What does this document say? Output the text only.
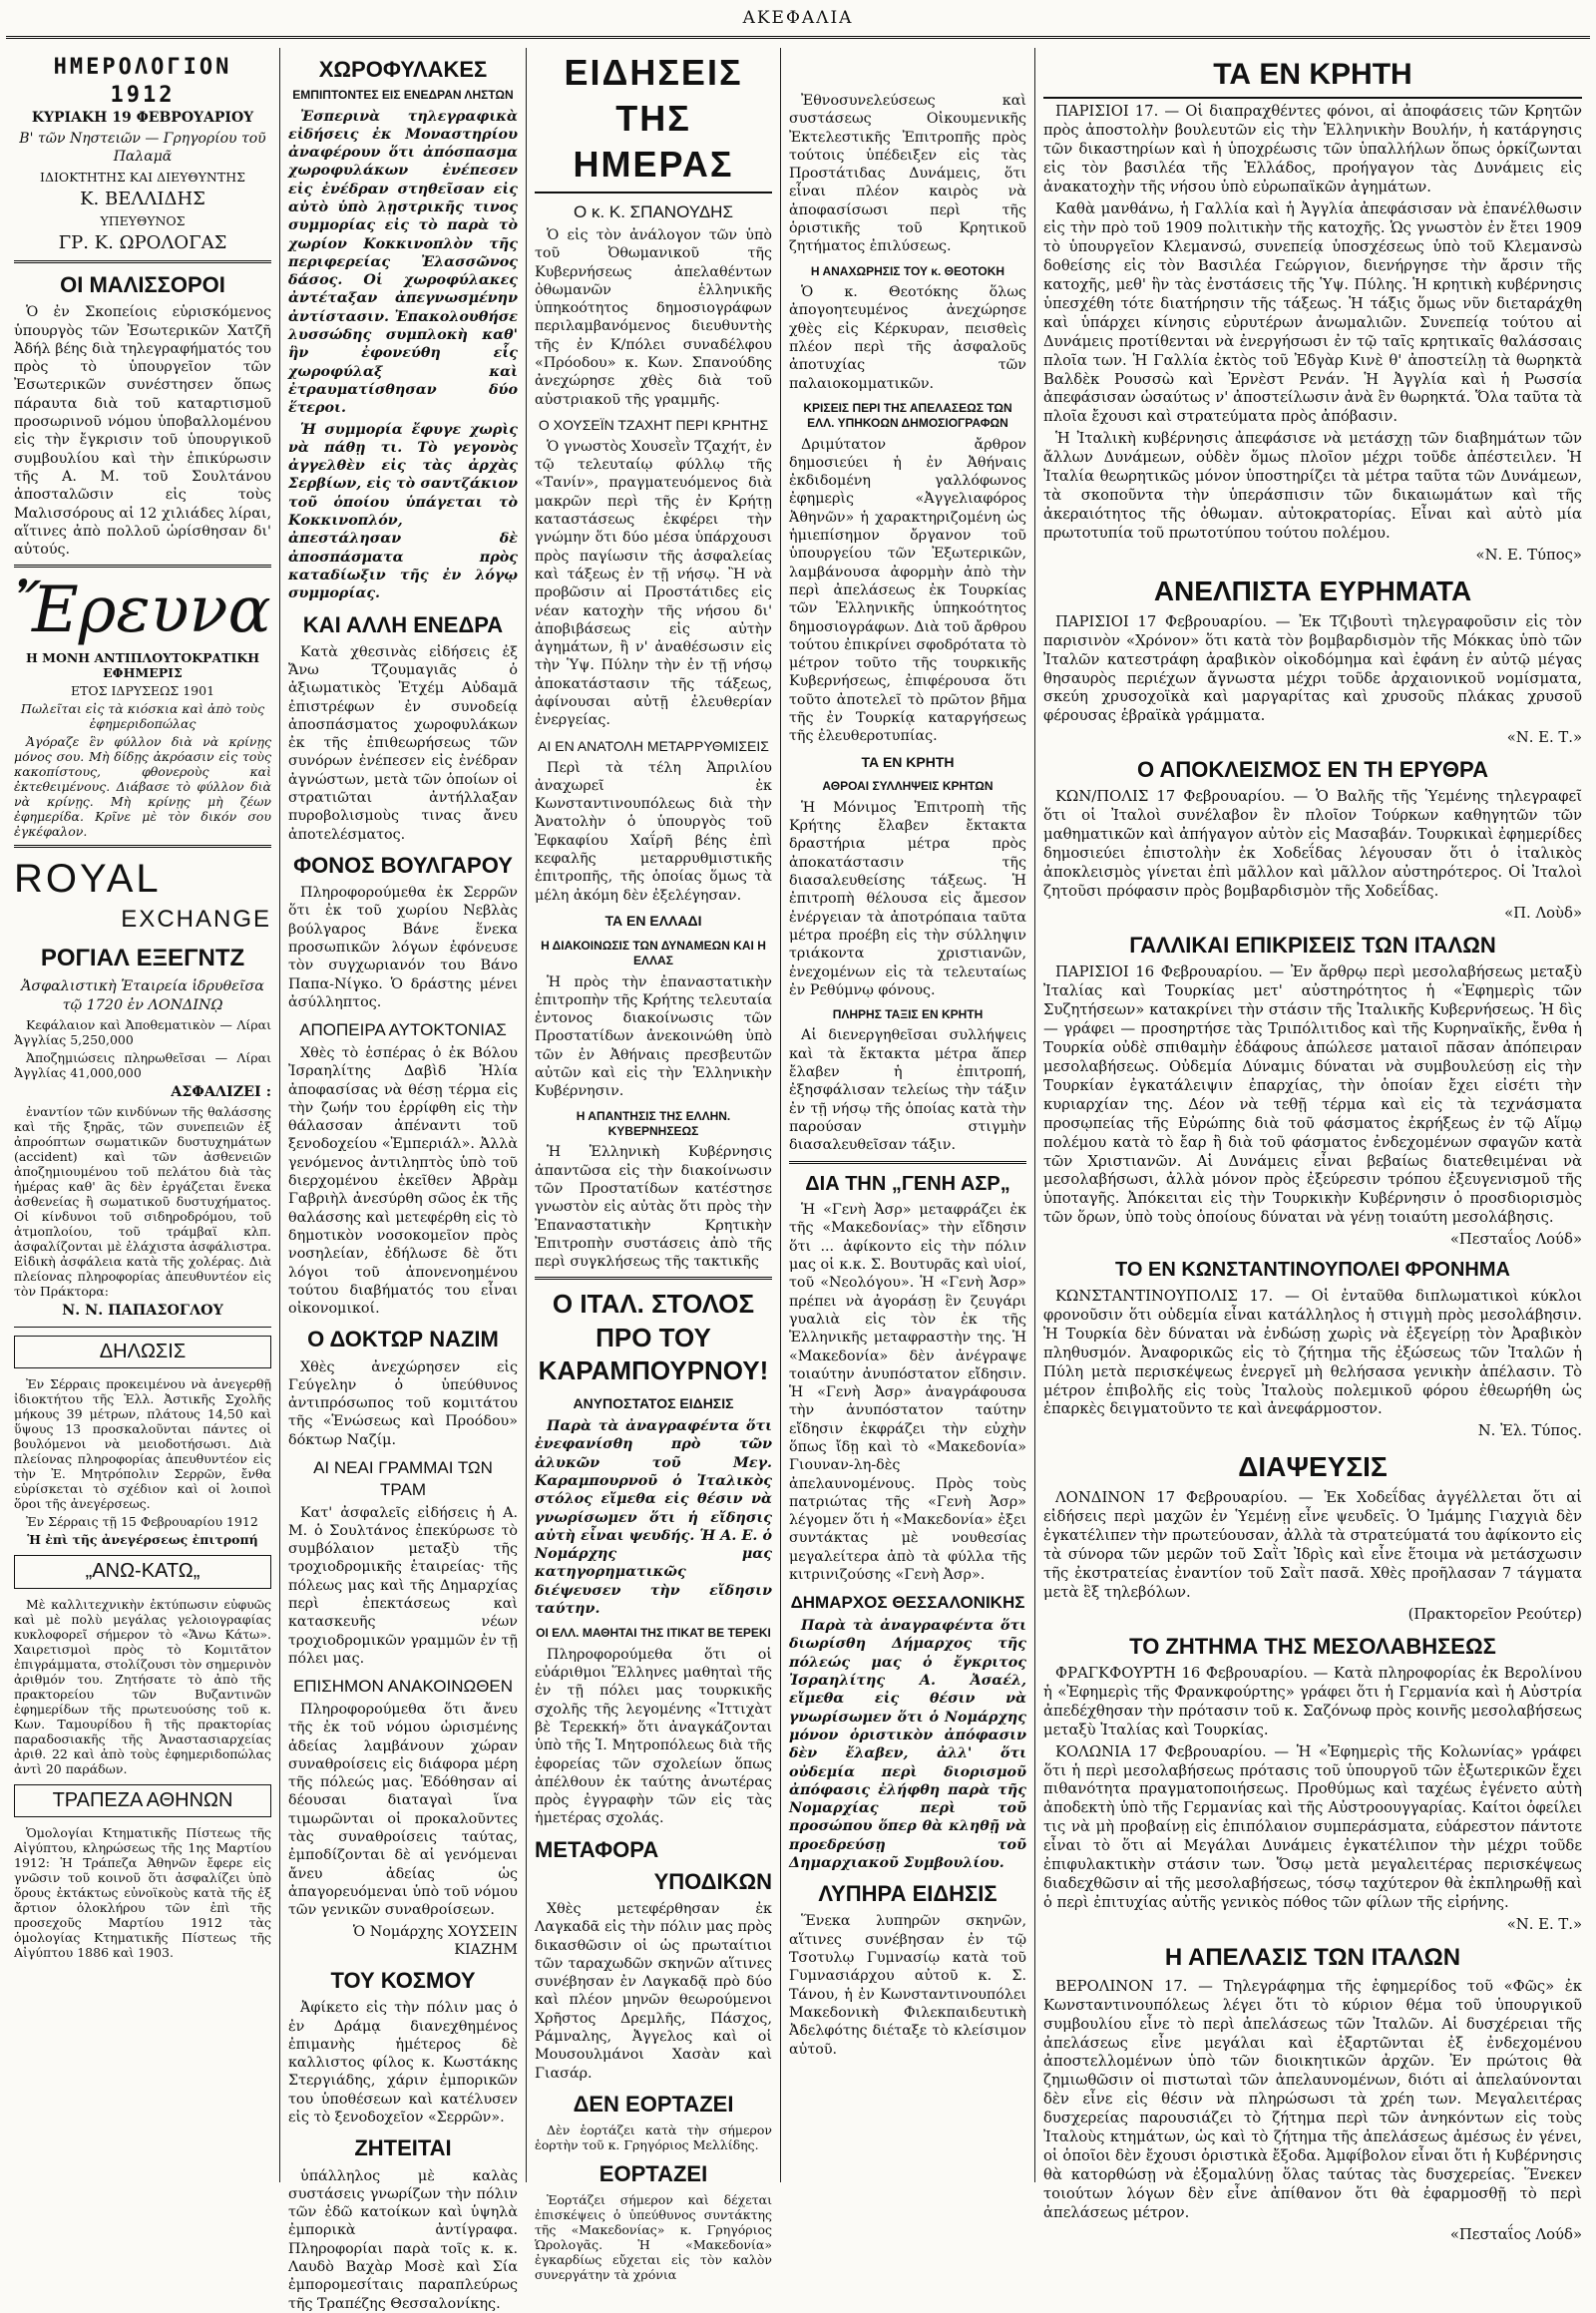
ΑΚΕΦΑΛΙΑ
ΗΜΕΡΟΛΟΓΙΟΝ
1912

ΚΥΡΙΑΚΗ 19 ΦΕΒΡΟΥΑΡΙΟΥ

Β' τῶν Νηστειῶν — Γρηγορίου τοῦ Παλαμᾶ

ΙΔΙΟΚΤΗΤΗΣ ΚΑΙ ΔΙΕΥΘΥΝΤΗΣ

Κ. ΒΕΛΛΙΔΗΣ

ΥΠΕΥΘΥΝΟΣ

ΓΡ. Κ. ΩΡΟΛΟΓΑΣ

ΟΙ ΜΑΛΙΣΣΟΡΟΙ

Ὁ ἐν Σκοπείοις εὑρισκόμενος ὑπουργὸς τῶν Ἐσωτερικῶν Χατζῆ Ἀδήλ βέης διὰ τηλεγραφήματός του πρὸς τὸ ὑπουργεῖον τῶν Ἐσωτερικῶν συνέστησεν ὅπως πάραυτα διὰ τοῦ καταρτισμοῦ προσωρινοῦ νόμου ὑποβαλλομένου εἰς τὴν ἔγκρισιν τοῦ ὑπουργικοῦ συμβουλίου καὶ τὴν ἐπικύρωσιν τῆς Α. Μ. τοῦ Σουλτάνου ἀποσταλῶσιν εἰς τοὺς Μαλισσόρους αἱ 12 χιλιάδες λίραι, αἵτινες ἀπὸ πολλοῦ ὡρίσθησαν δι' αὐτούς.

Ἔρευνα

Η ΜΟΝΗ ΑΝΤΙΠΛΟΥΤΟΚΡΑΤΙΚΗ ΕΦΗΜΕΡΙΣ

ΕΤΟΣ ΙΔΡΥΣΕΩΣ 1901

Πωλεῖται εἰς τὰ κιόσκια καὶ ἀπὸ τοὺς ἐφημεριδοπώλας

Ἀγόραζε ἓν φύλλον διὰ νὰ κρίνῃς μόνος σου. Μὴ δίδῃς ἀκρόασιν εἰς τοὺς κακοπίστους, φθονεροὺς καὶ ἐκτεθειμένους. Διάβασε τὸ φύλλον διὰ νὰ κρίνῃς. Μὴ κρίνῃς μὴ ζέων ἐφημερίδα. Κρῖνε μὲ τὸν δικόν σου ἐγκέφαλον.

ROYAL
EXCHANGE
ΡΟΓΙΑΛ ΕΞΕΓΝΤΖ

Ἀσφαλιστικὴ Ἑταιρεία ἱδρυθεῖσα τῷ 1720 ἐν ΛΟΝΔΙΝῼ

Κεφάλαιον καὶ Ἀποθεματικὸν — Λίραι Ἀγγλίας 5,250,000

Ἀποζημιώσεις πληρωθεῖσαι — Λίραι Ἀγγλίας 41,000,000

ΑΣΦΑΛΙΖΕΙ :

ἐναντίον τῶν κινδύνων τῆς θαλάσσης καὶ τῆς ξηρᾶς, τῶν συνεπειῶν ἐξ ἀπροόπτων σωματικῶν δυστυχημάτων (accident) καὶ τῶν ἀσθενειῶν ἀποζημιουμένου τοῦ πελάτου διὰ τὰς ἡμέρας καθ' ἃς δὲν ἐργάζεται ἕνεκα ἀσθενείας ἢ σωματικοῦ δυστυχήματος. Οἱ κίνδυνοι τοῦ σιδηροδρόμου, τοῦ ἀτμοπλοίου, τοῦ τράμβαϊ κλπ. ἀσφαλίζονται μὲ ἐλάχιστα ἀσφάλιστρα. Εἰδικὴ ἀσφάλεια κατὰ τῆς χολέρας. Διὰ πλείονας πληροφορίας ἀπευθυντέον εἰς τὸν Πράκτορα:

Ν. Ν. ΠΑΠΑΣΟΓΛΟΥ

ΔΗΛΩΣΙΣ

Ἐν Σέρραις προκειμένου νὰ ἀνεγερθῇ ἰδιοκτήτου τῆς Ἑλλ. Ἀστικῆς Σχολῆς μήκους 39 μέτρων, πλάτους 14,50 καὶ ὕψους 13 προσκαλοῦνται πάντες οἱ βουλόμενοι νὰ μειοδοτήσωσι. Διὰ πλείονας πληροφορίας ἀπευθυντέον εἰς τὴν Ἐ. Μητρόπολιν Σερρῶν, ἔνθα εὑρίσκεται τὸ σχέδιον καὶ οἱ λοιποὶ ὅροι τῆς ἀνεγέρσεως.

Ἐν Σέρραις τῇ 15 Φεβρουαρίου 1912

Ἡ ἐπὶ τῆς ἀνεγέρσεως ἐπιτροπή

„ΑΝΩ-ΚΑΤΩ„

Μὲ καλλιτεχνικὴν ἐκτύπωσιν εὐφυῶς καὶ μὲ πολὺ μεγάλας γελοιογραφίας κυκλοφορεῖ σήμερον τὸ «Ἄνω Κάτω». Χαιρετισμοὶ πρὸς τὸ Κομιτᾶτον ἐπιγράμματα, στολίζουσι τὸν σημερινὸν ἀριθμόν του. Ζητήσατε τὸ ἀπὸ τῆς πρακτορείου τῶν Βυζαντινῶν ἐφημερίδων τῆς πρωτευούσης τοῦ κ. Κων. Ταμουρίδου ἢ τῆς πρακτορίας παραδοσιακῆς τῆς Ἀναστασιαρχείας ἀριθ. 22 καὶ ἀπὸ τοὺς ἐφημεριδοπώλας ἀντὶ 20 παράδων.

ΤΡΑΠΕΖΑ ΑΘΗΝΩΝ

Ὁμολογίαι Κτηματικῆς Πίστεως τῆς Αἰγύπτου, κληρώσεως τῆς 1ης Μαρτίου 1912: Ἡ Τράπεζα Ἀθηνῶν ἔφερε εἰς γνῶσιν τοῦ κοινοῦ ὅτι ἀσφαλίζει ὑπὸ ὅρους ἐκτάκτως εὐνοϊκοὺς κατὰ τῆς ἐξ ἄρτιον ὁλοκλήρου τῶν ἐπὶ τῆς προσεχοῦς Μαρτίου 1912 τὰς ὁμολογίας Κτηματικῆς Πίστεως τῆς Αἰγύπτου 1886 καὶ 1903.

ΧΩΡΟΦΥΛΑΚΕΣ
ΕΜΠΙΠΤΟΝΤΕΣ ΕΙΣ ΕΝΕΔΡΑΝ ΛΗΣΤΩΝ

Ἐσπερινὰ τηλεγραφικὰ εἰδήσεις ἐκ Μοναστηρίου ἀναφέρουν ὅτι ἀπόσπασμα χωροφυλάκων ἐνέπεσεν εἰς ἐνέδραν στηθεῖσαν εἰς αὐτὸ ὑπὸ λῃστρικῆς τινος συμμορίας εἰς τὸ παρὰ τὸ χωρίον Κοκκινοπλὸν τῆς περιφερείας Ἐλασσῶνος δάσος. Οἱ χωροφύλακες ἀντέταξαν ἀπεγνωσμένην ἀντίστασιν. Ἐπακολουθήσε λυσσώδης συμπλοκὴ καθ' ἣν ἐφονεύθη εἷς χωροφύλαξ καὶ ἐτραυματίσθησαν δύο ἕτεροι.

Ἡ συμμορία ἔφυγε χωρὶς νὰ πάθῃ τι. Τὸ γεγονὸς ἀγγελθὲν εἰς τὰς ἀρχὰς Σερβίων, εἰς τὸ σαντζάκιον τοῦ ὁποίου ὑπάγεται τὸ Κοκκινοπλόν, ἀπεστάλησαν δὲ ἀποσπάσματα πρὸς καταδίωξιν τῆς ἐν λόγῳ συμμορίας.

ΚΑΙ ΑΛΛΗ ΕΝΕΔΡΑ

Κατὰ χθεσινὰς εἰδήσεις ἐξ Ἄνω Τζουμαγιᾶς ὁ ἀξιωματικὸς Ἐτχέμ Αὐδαμᾶ ἐπιστρέφων ἐν συνοδείᾳ ἀποσπάσματος χωροφυλάκων ἐκ τῆς ἐπιθεωρήσεως τῶν συνόρων ἐνέπεσεν εἰς ἐνέδραν ἀγνώστων, μετὰ τῶν ὁποίων οἱ στρατιῶται ἀντήλλαξαν πυροβολισμοὺς τινας ἄνευ ἀποτελέσματος.

ΦΟΝΟΣ ΒΟΥΛΓΑΡΟΥ

Πληροφορούμεθα ἐκ Σερρῶν ὅτι ἐκ τοῦ χωρίου Νεβλὰς βούλγαρος Βάνε ἕνεκα προσωπικῶν λόγων ἐφόνευσε τὸν συγχωριανόν του Βάνο Παπα-Νίγκο. Ὁ δράστης μένει ἀσύλληπτος.

ΑΠΟΠΕΙΡΑ ΑΥΤΟΚΤΟΝΙΑΣ

Χθὲς τὸ ἑσπέρας ὁ ἐκ Βόλου Ἰσραηλίτης Δαβὶδ Ἠλία ἀποφασίσας νὰ θέσῃ τέρμα εἰς τὴν ζωήν του ἐρρίφθη εἰς τὴν θάλασσαν ἀπέναντι τοῦ ξενοδοχείου «Ἐμπεριάλ». Ἀλλὰ γενόμενος ἀντιληπτὸς ὑπὸ τοῦ διερχομένου ἐκεῖθεν Ἀβρὰμ Γαβριὴλ ἀνεσύρθη σῶος ἐκ τῆς θαλάσσης καὶ μετεφέρθη εἰς τὸ δημοτικὸν νοσοκομεῖον πρὸς νοσηλείαν, ἐδήλωσε δὲ ὅτι λόγοι τοῦ ἀπονενοημένου τούτου διαβήματός του εἶναι οἰκονομικοί.

Ο ΔΟΚΤΩΡ ΝΑΖΙΜ

Χθὲς ἀνεχώρησεν εἰς Γεύγελην ὁ ὑπεύθυνος ἀντιπρόσωπος τοῦ κομιτάτου τῆς «Ἑνώσεως καὶ Προόδου» δόκτωρ Ναζίμ.

ΑΙ ΝΕΑΙ ΓΡΑΜΜΑΙ ΤΩΝ ΤΡΑΜ

Κατ' ἀσφαλεῖς εἰδήσεις ἡ Α. Μ. ὁ Σουλτάνος ἐπεκύρωσε τὸ συμβόλαιον μεταξὺ τῆς τροχιοδρομικῆς ἑταιρείας· τῆς πόλεως μας καὶ τῆς Δημαρχίας περὶ ἐπεκτάσεως καὶ κατασκευῆς νέων τροχιοδρομικῶν γραμμῶν ἐν τῇ πόλει μας.

ΕΠΙΣΗΜΟΝ ΑΝΑΚΟΙΝΩΘΕΝ

Πληροφορούμεθα ὅτι ἄνευ τῆς ἐκ τοῦ νόμου ὡρισμένης ἀδείας λαμβάνουν χώραν συναθροίσεις εἰς διάφορα μέρη τῆς πόλεώς μας. Ἐδόθησαν αἱ δέουσαι διαταγαὶ ἵνα τιμωρῶνται οἱ προκαλοῦντες τὰς συναθροίσεις ταύτας, ἐμποδίζονται δὲ αἱ γενόμεναι ἄνευ ἀδείας ὡς ἀπαγορευόμεναι ὑπὸ τοῦ νόμου τῶν γενικῶν συναθροίσεων.

Ὁ Νομάρχης ΧΟΥΣΕΙΝ ΚΙΑΖΗΜ

ΤΟΥ ΚΟΣΜΟΥ

Ἀφίκετο εἰς τὴν πόλιν μας ὁ ἐν Δράμᾳ διανεχθημένος ἐπιμανὴς ἡμέτερος δὲ καλλιστος φίλος κ. Κωστάκης Στεργιάδης, χάριν ἐμπορικῶν του ὑποθέσεων καὶ κατέλυσεν εἰς τὸ ξενοδοχεῖον «Σερρῶν».

ΖΗΤΕΙΤΑΙ

ὑπάλληλος μὲ καλὰς συστάσεις γνωρίζων τὴν πόλιν τῶν ἐδῶ κατοίκων καὶ ὑψηλὰ ἐμπορικὰ ἀντίγραφα. Πληροφορίαι παρὰ τοῖς κ. κ. Λαυδὸ Βαχὰρ Μοσὲ καὶ Σία ἐμπορομεσίταις παραπλεύρως τῆς Τραπέζης Θεσσαλονίκης.

ΕΙΔΗΣΕΙΣ ΤΗΣ ΗΜΕΡΑΣ
Ο κ. Κ. ΣΠΑΝΟΥΔΗΣ

Ὁ εἰς τὸν ἀνάλογον τῶν ὑπὸ τοῦ Ὀθωμανικοῦ τῆς Κυβερνήσεως ἀπελαθέντων ὀθωμανῶν ἑλληνικῆς ὑπηκοότητος δημοσιογράφων περιλαμβανόμενος διευθυντὴς τῆς ἐν Κ/πόλει συναδέλφου «Πρόοδου» κ. Κων. Σπανούδης ἀνεχώρησε χθὲς διὰ τοῦ αὐστριακοῦ τῆς γραμμῆς.

Ο ΧΟΥΣΕΪΝ ΤΖΑΧΗΤ ΠΕΡΙ ΚΡΗΤΗΣ

Ὁ γνωστὸς Χουσεῒν Τζαχήτ, ἐν τῷ τελευταίῳ φύλλῳ τῆς «Τανίν», πραγματευόμενος διὰ μακρῶν περὶ τῆς ἐν Κρήτῃ καταστάσεως ἐκφέρει τὴν γνώμην ὅτι δύο μέσα ὑπάρχουσι πρὸς παγίωσιν τῆς ἀσφαλείας καὶ τάξεως ἐν τῇ νήσῳ. Ἢ νὰ προβῶσιν αἱ Προστάτιδες εἰς νέαν κατοχὴν τῆς νήσου δι' ἀποβιβάσεως εἰς αὐτὴν ἀγημάτων, ἢ ν' ἀναθέσωσιν εἰς τὴν Ὑψ. Πύλην τὴν ἐν τῇ νήσῳ ἀποκατάστασιν τῆς τάξεως, ἀφίνουσαι αὐτῇ ἐλευθερίαν ἐνεργείας.

ΑΙ ΕΝ ΑΝΑΤΟΛΗ ΜΕΤΑΡΡΥΘΜΙΣΕΙΣ

Περὶ τὰ τέλη Ἀπριλίου ἀναχωρεῖ ἐκ Κωνσταντινουπόλεως διὰ τὴν Ἀνατολὴν ὁ ὑπουργὸς τοῦ Ἐφκαφίου Χαΐρῆ βέης ἐπὶ κεφαλῆς μεταρρυθμιστικῆς ἐπιτροπῆς, τῆς ὁποίας ὅμως τὰ μέλη ἀκόμη δὲν ἐξελέγησαν.

ΤΑ ΕΝ ΕΛΛΑΔΙ
Η ΔΙΑΚΟΙΝΩΣΙΣ ΤΩΝ ΔΥΝΑΜΕΩΝ ΚΑΙ Η ΕΛΛΑΣ

Ἡ πρὸς τὴν ἐπαναστατικὴν ἐπιτροπὴν τῆς Κρήτης τελευταία ἐντονος διακοίνωσις τῶν Προστατίδων ἀνεκοινώθη ὑπὸ τῶν ἐν Ἀθήναις πρεσβευτῶν αὐτῶν καὶ εἰς τὴν Ἑλληνικὴν Κυβέρνησιν.

Η ΑΠΑΝΤΗΣΙΣ ΤΗΣ ΕΛΛΗΝ. ΚΥΒΕΡΝΗΣΕΩΣ

Ἡ Ἑλληνικὴ Κυβέρνησις ἀπαντῶσα εἰς τὴν διακοίνωσιν τῶν Προστατίδων κατέστησε γνωστὸν εἰς αὐτὰς ὅτι πρὸς τὴν Ἐπαναστατικὴν Κρητικὴν Ἐπιτροπὴν συστάσεις ἀπὸ τῆς περὶ συγκλήσεως τῆς τακτικῆς

Ο ΙΤΑΛ. ΣΤΟΛΟΣ ΠΡΟ ΤΟΥ ΚΑΡΑΜΠΟΥΡΝΟΥ!
ΑΝΥΠΟΣΤΑΤΟΣ ΕΙΔΗΣΙΣ

Παρὰ τὰ ἀναγραφέντα ὅτι ἐνεφανίσθη πρὸ τῶν ἀλυκῶν τοῦ Μεγ. Καραμπουρνοῦ ὁ Ἰταλικὸς στόλος εἴμεθα εἰς θέσιν νὰ γνωρίσωμεν ὅτι ἡ εἴδησις αὐτὴ εἶναι ψευδής. Ἡ Α. Ε. ὁ Νομάρχης μας κατηγορηματικῶς διέψευσεν τὴν εἴδησιν ταύτην.

ΟΙ ΕΛΛ. ΜΑΘΗΤΑΙ ΤΗΣ ΙΤΙΚΑΤ ΒΕ ΤΕΡΕΚΙ

Πληροφορούμεθα ὅτι οἱ εὐάριθμοι Ἕλληνες μαθηταὶ τῆς ἐν τῇ πόλει μας τουρκικῆς σχολῆς τῆς λεγομένης «Ἰττιχὰτ βὲ Τερεκκή» ὅτι ἀναγκάζονται ὑπὸ τῆς Ἱ. Μητροπόλεως διὰ τῆς ἐφορείας τῶν σχολείων ὅπως ἀπέλθουν ἐκ ταύτης ἀνωτέρας πρὸς ἐγγραφὴν τῶν εἰς τὰς ἡμετέρας σχολάς.

ΜΕΤΑΦΟΡΑ
ΥΠΟΔΙΚΩΝ

Χθὲς μετεφέρθησαν ἐκ Λαγκαδᾶ εἰς τὴν πόλιν μας πρὸς δικασθῶσιν οἱ ὡς πρωταίτιοι τῶν ταραχωδῶν σκηνῶν αἵτινες συνέβησαν ἐν Λαγκαδᾷ πρὸ δύο καὶ πλέον μηνῶν θεωρούμενοι Χρῆστος Δρεμλῆς, Πάσχος, Ράμναλης, Ἀγγελος καὶ οἱ Μουσουλμάνοι Χασὰν καὶ Γιασάρ.

ΔΕΝ ΕΟΡΤΑΖΕΙ

Δὲν ἑορτάζει κατὰ τὴν σήμερον ἑορτὴν τοῦ κ. Γρηγόριος Μελλίδης.

ΕΟΡΤΑΖΕΙ

Ἑορτάζει σήμερον καὶ δέχεται ἐπισκέψεις ὁ ὑπεύθυνος συντάκτης τῆς «Μακεδονίας» κ. Γρηγόριος Ὡρολογᾶς. Ἡ «Μακεδονία» ἐγκαρδίως εὔχεται εἰς τὸν καλὸν συνεργάτην τὰ χρόνια

Ἐθνοσυνελεύσεως καὶ συστάσεως Οἰκουμενικῆς Ἐκτελεστικῆς Ἐπιτροπῆς πρὸς τούτοις ὑπέδειξεν εἰς τὰς Προστάτιδας Δυνάμεις, ὅτι εἶναι πλέον καιρὸς νὰ ἀποφασίσωσι περὶ τῆς ὁριστικῆς τοῦ Κρητικοῦ ζητήματος ἐπιλύσεως.

Η ΑΝΑΧΩΡΗΣΙΣ ΤΟΥ κ. ΘΕΟΤΟΚΗ

Ὁ κ. Θεοτόκης ὅλως ἀπογοητευμένος ἀνεχώρησε χθὲς εἰς Κέρκυραν, πεισθεὶς πλέον περὶ τῆς ἀσφαλοῦς ἀποτυχίας τῶν παλαιοκομματικῶν.

ΚΡΙΣΕΙΣ ΠΕΡΙ ΤΗΣ ΑΠΕΛΑΣΕΩΣ ΤΩΝ ΕΛΛ. ΥΠΗΚΟΩΝ ΔΗΜΟΣΙΟΓΡΑΦΩΝ

Δριμύτατον ἄρθρον δημοσιεύει ἡ ἐν Ἀθήναις ἐκδιδομένη γαλλόφωνος ἐφημερὶς «Ἀγγελιαφόρος Ἀθηνῶν» ἡ χαρακτηριζομένη ὡς ἡμιεπίσημον ὄργανον τοῦ ὑπουργείου τῶν Ἐξωτερικῶν, λαμβάνουσα ἀφορμὴν ἀπὸ τὴν περὶ ἀπελάσεως ἐκ Τουρκίας τῶν Ἑλληνικῆς ὑπηκοότητος δημοσιογράφων. Διὰ τοῦ ἄρθρου τούτου ἐπικρίνει σφοδρότατα τὸ μέτρον τοῦτο τῆς τουρκικῆς Κυβερνήσεως, ἐπιφέρουσα ὅτι τοῦτο ἀποτελεῖ τὸ πρῶτον βῆμα τῆς ἐν Τουρκίᾳ καταργήσεως τῆς ἐλευθεροτυπίας.

ΤΑ ΕΝ ΚΡΗΤΗ
ΑΘΡΟΑΙ ΣΥΛΛΗΨΕΙΣ ΚΡΗΤΩΝ

Ἡ Μόνιμος Ἐπιτροπὴ τῆς Κρήτης ἔλαβεν ἔκτακτα δραστήρια μέτρα πρὸς ἀποκατάστασιν τῆς διασαλευθείσης τάξεως. Ἡ ἐπιτροπὴ θέλουσα εἰς ἄμεσον ἐνέργειαν τὰ ἀποτρόπαια ταῦτα μέτρα προέβη εἰς τὴν σύλληψιν τριάκοντα χριστιανῶν, ἐνεχομένων εἰς τὰ τελευταίως ἐν Ρεθύμνῳ φόνους.

ΠΛΗΡΗΣ ΤΑΞΙΣ ΕΝ ΚΡΗΤΗ

Αἱ διενεργηθεῖσαι συλλήψεις καὶ τὰ ἔκτακτα μέτρα ἅπερ ἔλαβεν ἡ ἐπιτροπή, ἐξησφάλισαν τελείως τὴν τάξιν ἐν τῇ νήσῳ τῆς ὁποίας κατὰ τὴν παρούσαν στιγμὴν διασαλευθεῖσαν τάξιν.

ΔΙΑ ΤΗΝ „ΓΕΝΗ ΑΣΡ„

Ἡ «Γενὴ Ἀσρ» μεταφράζει ἐκ τῆς «Μακεδονίας» τὴν εἴδησιν ὅτι ... ἀφίκοντο εἰς τὴν πόλιν μας οἱ κ.κ. Σ. Βουτυρᾶς καὶ υἱοί, τοῦ «Νεολόγου». Ἡ «Γενὴ Ἀσρ» πρέπει νὰ ἀγοράσῃ ἓν ζευγάρι γυαλιὰ εἰς τὸν ἐκ τῆς Ἑλληνικῆς μεταφραστὴν της. Ἡ «Μακεδονία» δὲν ἀνέγραψε τοιαύτην ἀνυπόστατον εἴδησιν. Ἡ «Γενὴ Ἀσρ» ἀναγράφουσα τὴν ἀνυπόστατον ταύτην εἴδησιν ἐκφράζει τὴν εὐχὴν ὅπως ἴδῃ καὶ τὸ «Μακεδονία» Γιουναν-λη-δὲς ἀπελαυνομένους. Πρὸς τοὺς πατριώτας τῆς «Γενὴ Ἀσρ» λέγομεν ὅτι ἡ «Μακεδονία» ἐξει συντάκτας μὲ νουθεσίας μεγαλείτερα ἀπὸ τὰ φύλλα τῆς κιτρινιζούσης «Γενὴ Ἀσρ».

ΔΗΜΑΡΧΟΣ ΘΕΣΣΑΛΟΝΙΚΗΣ

Παρὰ τὰ ἀναγραφέντα ὅτι διωρίσθη Δήμαρχος τῆς πόλεώς μας ὁ ἔγκριτος Ἰσραηλίτης Α. Ἀσαέλ, εἴμεθα εἰς θέσιν νὰ γνωρίσωμεν ὅτι ὁ Νομάρχης μόνον ὁριστικὸν ἀπόφασιν δὲν ἔλαβεν, ἀλλ' ὅτι οὐδεμία περὶ διορισμοῦ ἀπόφασις ἐλήφθη παρὰ τῆς Νομαρχίας περὶ τοῦ προσώπου ὅπερ θὰ κληθῇ νὰ προεδρεύσῃ τοῦ Δημαρχιακοῦ Συμβουλίου.

ΛΥΠΗΡΑ ΕΙΔΗΣΙΣ

Ἕνεκα λυπηρῶν σκηνῶν, αἵτινες συνέβησαν ἐν τῷ Τσοτυλῳ Γυμνασίῳ κατὰ τοῦ Γυμνασιάρχου αὐτοῦ κ. Σ. Τάνου, ἡ ἐν Κωνσταντινουπόλει Μακεδονικὴ Φιλεκπαιδευτικὴ Ἀδελφότης διέταξε τὸ κλείσιμον αὐτοῦ.

ΤΑ ΕΝ ΚΡΗΤΗ

ΠΑΡΙΣΙΟΙ 17. — Οἱ διαπραχθέντες φόνοι, αἱ ἀποφάσεις τῶν Κρητῶν πρὸς ἀποστολὴν βουλευτῶν εἰς τὴν Ἑλληνικὴν Βουλήν, ἡ κατάργησις τῶν δικαστηρίων καὶ ἡ ὑποχρέωσις τῶν ὑπαλλήλων ὅπως ὁρκίζωνται εἰς τὸν βασιλέα τῆς Ἑλλάδος, προήγαγον τὰς Δυνάμεις εἰς ἀνακατοχὴν τῆς νήσου ὑπὸ εὐρωπαϊκῶν ἀγημάτων.

Καθὰ μανθάνω, ἡ Γαλλία καὶ ἡ Ἀγγλία ἀπεφάσισαν νὰ ἐπανέλθωσιν εἰς τὴν πρὸ τοῦ 1909 πολιτικὴν τῆς κατοχῆς. Ὡς γνωστὸν ἐν ἔτει 1909 τὸ ὑπουργεῖον Κλεμανσώ, συνεπείᾳ ὑποσχέσεως ὑπὸ τοῦ Κλεμανσὼ δοθείσης εἰς τὸν Βασιλέα Γεώργιον, διενήργησε τὴν ἄρσιν τῆς κατοχῆς, μεθ' ἣν τὰς ἐνστάσεις τῆς Ὑψ. Πύλης. Ἡ κρητικὴ κυβέρνησις ὑπεσχέθη τότε διατήρησιν τῆς τάξεως. Ἡ τάξις ὅμως νῦν διεταράχθη καὶ ὑπάρχει κίνησις εὐρυτέρων ἀνωμαλιῶν. Συνεπείᾳ τούτου αἱ Δυνάμεις προτίθενται νὰ ἐνεργήσωσι ἐν τῷ ταῖς κρητικαῖς θαλάσσαις πλοῖα των. Ἡ Γαλλία ἐκτὸς τοῦ Ἐδγὰρ Κινὲ θ' ἀποστείλῃ τὰ θωρηκτὰ Βαλδὲκ Ρουσσὼ καὶ Ἐρνὲστ Ρενάν. Ἡ Ἀγγλία καὶ ἡ Ρωσσία ἀπεφάσισαν ὡσαύτως ν' ἀποστείλωσιν ἀνὰ ἓν θωρηκτά. Ὅλα ταῦτα τὰ πλοῖα ἔχουσι καὶ στρατεύματα πρὸς ἀπόβασιν.

Ἡ Ἰταλικὴ κυβέρνησις ἀπεφάσισε νὰ μετάσχῃ τῶν διαβημάτων τῶν ἄλλων Δυνάμεων, οὐδὲν ὅμως πλοῖον μέχρι τοῦδε ἀπέστειλεν. Ἡ Ἰταλία θεωρητικῶς μόνον ὑποστηρίζει τὰ μέτρα ταῦτα τῶν Δυνάμεων, τὰ σκοποῦντα τὴν ὑπεράσπισιν τῶν δικαιωμάτων καὶ τῆς ἀκεραιότητος τῆς ὀθωμαν. αὐτοκρατορίας. Εἶναι καὶ αὐτὸ μία πρωτοτυπία τοῦ πρωτοτύπου τούτου πολέμου.

«Ν. Ε. Τύπος»

ΑΝΕΛΠΙΣΤΑ ΕΥΡΗΜΑΤΑ

ΠΑΡΙΣΙΟΙ 17 Φεβρουαρίου. — Ἐκ Τζιβουτὶ τηλεγραφοῦσιν εἰς τὸν παρισινὸν «Χρόνον» ὅτι κατὰ τὸν βομβαρδισμὸν τῆς Μόκκας ὑπὸ τῶν Ἰταλῶν κατεστράφη ἀραβικὸν οἰκοδόμημα καὶ ἐφάνη ἐν αὐτῷ μέγας θησαυρὸς περιέχων ἄγνωστα μέχρι τοῦδε ἀρχαιονικοῦ νομίσματα, σκεύη χρυσοχοϊκὰ καὶ μαργαρίτας καὶ χρυσοῦς πλάκας χρυσοῦ φέρουσας ἑβραϊκὰ γράμματα.

«Ν. Ε. Τ.»

Ο ΑΠΟΚΛΕΙΣΜΟΣ ΕΝ ΤΗ ΕΡΥΘΡΑ

ΚΩΝ/ΠΟΛΙΣ 17 Φεβρουαρίου. — Ὁ Βαλῆς τῆς Ὑεμένης τηλεγραφεῖ ὅτι οἱ Ἰταλοὶ συνέλαβον ἓν πλοῖον Τούρκων καθηγητῶν τῶν μαθηματικῶν καὶ ἀπήγαγον αὐτὸν εἰς Μασαβάν. Τουρκικαὶ ἐφημερίδες δημοσιεύει ἐπιστολὴν ἐκ Χοδεΐδας λέγουσαν ὅτι ὁ ἰταλικὸς ἀποκλεισμὸς γίνεται ἐπὶ μᾶλλον καὶ μᾶλλον αὐστηρότερος. Οἱ Ἰταλοὶ ζητοῦσι πρόφασιν πρὸς βομβαρδισμὸν τῆς Χοδεΐδας.

«Π. Λοὺδ»

ΓΑΛΛΙΚΑΙ ΕΠΙΚΡΙΣΕΙΣ ΤΩΝ ΙΤΑΛΩΝ

ΠΑΡΙΣΙΟΙ 16 Φεβρουαρίου. — Ἐν ἄρθρῳ περὶ μεσολαβήσεως μεταξὺ Ἰταλίας καὶ Τουρκίας μετ' αὐστηρότητος ἡ «Ἐφημερὶς τῶν Συζητήσεων» κατακρίνει τὴν στάσιν τῆς Ἰταλικῆς Κυβερνήσεως. Ἡ δὶς — γράφει — προσηρτήσε τὰς Τριπόλιτιδος καὶ τῆς Κυρηναϊκῆς, ἔνθα ἡ Τουρκία οὐδὲ σπιθαμὴν ἐδάφους ἀπώλεσε ματαιοῖ πᾶσαν ἀπόπειραν μεσολαβήσεως. Οὐδεμία Δύναμις δύναται νὰ συμβουλεύσῃ εἰς τὴν Τουρκίαν ἐγκατάλειψιν ἐπαρχίας, τὴν ὁποίαν ἔχει εἰσέτι τὴν κυριαρχίαν της. Δέον νὰ τεθῇ τέρμα καὶ εἰς τὰ τεχνάσματα προσῳπείας τῆς Εὐρώπης διὰ τοῦ φάσματος ἐκρήξεως ἐν τῷ Αἵμῳ πολέμου κατὰ τὸ ἔαρ ἢ διὰ τοῦ φάσματος ἐνδεχομένων σφαγῶν κατὰ τῶν Χριστιανῶν. Αἱ Δυνάμεις εἶναι βεβαίως διατεθειμέναι νὰ μεσολαβήσωσι, ἀλλὰ μόνον πρὸς ἐξεύρεσιν τρόπου ἐξευγενισμοῦ τῆς ὑποταγῆς. Ἀπόκειται εἰς τὴν Τουρκικὴν Κυβέρνησιν ὁ προσδιορισμὸς τῶν ὅρων, ὑπὸ τοὺς ὁποίους δύναται νὰ γένῃ τοιαύτη μεσολάβησις.

«Πεσταΐος Λούδ»

ΤΟ ΕΝ ΚΩΝΣΤΑΝΤΙΝΟΥΠΟΛΕΙ ΦΡΟΝΗΜΑ

ΚΩΝΣΤΑΝΤΙΝΟΥΠΟΛΙΣ 17. — Οἱ ἐνταῦθα διπλωματικοὶ κύκλοι φρονοῦσιν ὅτι οὐδεμία εἶναι κατάλληλος ἡ στιγμὴ πρὸς μεσολάβησιν. Ἡ Τουρκία δὲν δύναται νὰ ἐνδώσῃ χωρὶς νὰ ἐξεγείρῃ τὸν Ἀραβικὸν πληθυσμόν. Ἀναφορικῶς εἰς τὸ ζήτημα τῆς ἐξώσεως τῶν Ἰταλῶν ἡ Πύλη μετὰ περισκέψεως ἐνεργεῖ μὴ θελήσασα γενικὴν ἀπέλασιν. Τὸ μέτρον ἐπιβολῆς εἰς τοὺς Ἰταλοὺς πολεμικοῦ φόρου ἐθεωρήθη ὡς ἐπαρκὲς δειγματοῦντο τε καὶ ἀνεφάρμοστον.

Ν. Ἐλ. Τύπος.

ΔΙΑΨΕΥΣΙΣ

ΛΟΝΔΙΝΟΝ 17 Φεβρουαρίου. — Ἐκ Χοδεΐδας ἀγγέλλεται ὅτι αἱ εἰδήσεις περὶ μαχῶν ἐν Ὑεμένῃ εἶνε ψευδεῖς. Ὁ Ἰμάμης Γιαχγιὰ δὲν ἐγκατέλιπεν τὴν πρωτεύουσαν, ἀλλὰ τὰ στρατεύματά του ἀφίκοντο εἰς τὰ σύνορα τῶν μερῶν τοῦ Σαῒτ Ἰδρὶς καὶ εἶνε ἕτοιμα νὰ μετάσχωσιν τῆς ἐκστρατείας ἐναντίον τοῦ Σαῒτ πασᾶ. Χθὲς προῆλασαν 7 τάγματα μετὰ ἓξ τηλεβόλων.

(Πρακτορεῖον Ρεούτερ)

ΤΟ ΖΗΤΗΜΑ ΤΗΣ ΜΕΣΟΛΑΒΗΣΕΩΣ

ΦΡΑΓΚΦΟΥΡΤΗ 16 Φεβρουαρίου. — Κατὰ πληροφορίας ἐκ Βερολίνου ἡ «Ἐφημερὶς τῆς Φρανκφούρτης» γράφει ὅτι ἡ Γερμανία καὶ ἡ Αὐστρία ἀπεδέχθησαν τὴν πρότασιν τοῦ κ. Σαζόνωφ πρὸς κοινῆς μεσολαβήσεως μεταξὺ Ἰταλίας καὶ Τουρκίας.

ΚΟΛΩΝΙΑ 17 Φεβρουαρίου. — Ἡ «Ἐφημερὶς τῆς Κολωνίας» γράφει ὅτι ἡ περὶ μεσολαβήσεως πρότασις τοῦ ὑπουργοῦ τῶν ἐξωτερικῶν ἔχει πιθανότητα πραγματοποιήσεως. Προθύμως καὶ ταχέως ἐγένετο αὐτὴ ἀποδεκτὴ ὑπὸ τῆς Γερμανίας καὶ τῆς Αὐστροουγγαρίας. Καίτοι ὀφείλει τις νὰ μὴ προβαίνῃ εἰς ἐπιπόλαιον συμπεράσματα, εὐάρεστον πάντοτε εἶναι τὸ ὅτι αἱ Μεγάλαι Δυνάμεις ἐγκατέλιπον τὴν μέχρι τοῦδε ἐπιφυλακτικὴν στάσιν των. Ὅσῳ μετὰ μεγαλειτέρας περισκέψεως διαδεχθῶσιν αἱ τῆς μεσολαβήσεως, τόσῳ ταχύτερον θὰ ἐκπληρωθῇ καὶ ὁ περὶ ἐπιτυχίας αὐτῆς γενικὸς πόθος τῶν φίλων τῆς εἰρήνης.

«Ν. Ε. Τ.»

Η ΑΠΕΛΑΣΙΣ ΤΩΝ ΙΤΑΛΩΝ

ΒΕΡΟΛΙΝΟΝ 17. — Τηλεγράφημα τῆς ἐφημερίδος τοῦ «Φῶς» ἐκ Κωνσταντινουπόλεως λέγει ὅτι τὸ κύριον θέμα τοῦ ὑπουργικοῦ συμβουλίου εἶνε τὸ περὶ ἀπελάσεως τῶν Ἰταλῶν. Αἱ δυσχέρειαι τῆς ἀπελάσεως εἶνε μεγάλαι καὶ ἐξαρτῶνται ἐξ ἐνδεχομένου ἀποστελλομένων ὑπὸ τῶν διοικητικῶν ἀρχῶν. Ἐν πρώτοις θὰ ζημιωθῶσιν οἱ πιστωταὶ τῶν ἀπελαυνομένων, διότι αἱ ἀπελαύνονται δὲν εἶνε εἰς θέσιν νὰ πληρώσωσι τὰ χρέη των. Μεγαλειτέρας δυσχερείας παρουσιάζει τὸ ζήτημα περὶ τῶν ἀνηκόντων εἰς τοὺς Ἰταλοὺς κτημάτων, ὡς καὶ τὸ ζήτημα τῆς ἀπελάσεως ἀμέσως ἐν γένει, οἱ ὁποῖοι δὲν ἔχουσι ὁριστικὰ ἔξοδα. Ἀμφίβολον εἶναι ὅτι ἡ Κυβέρνησις θὰ κατορθώσῃ νὰ ἐξομαλύνῃ ὅλας ταύτας τὰς δυσχερείας. Ἕνεκεν τοιούτων λόγων δὲν εἶνε ἀπίθανον ὅτι θὰ ἐφαρμοσθῇ τὸ περὶ ἀπελάσεως μέτρον.

«Πεσταΐος Λούδ»
